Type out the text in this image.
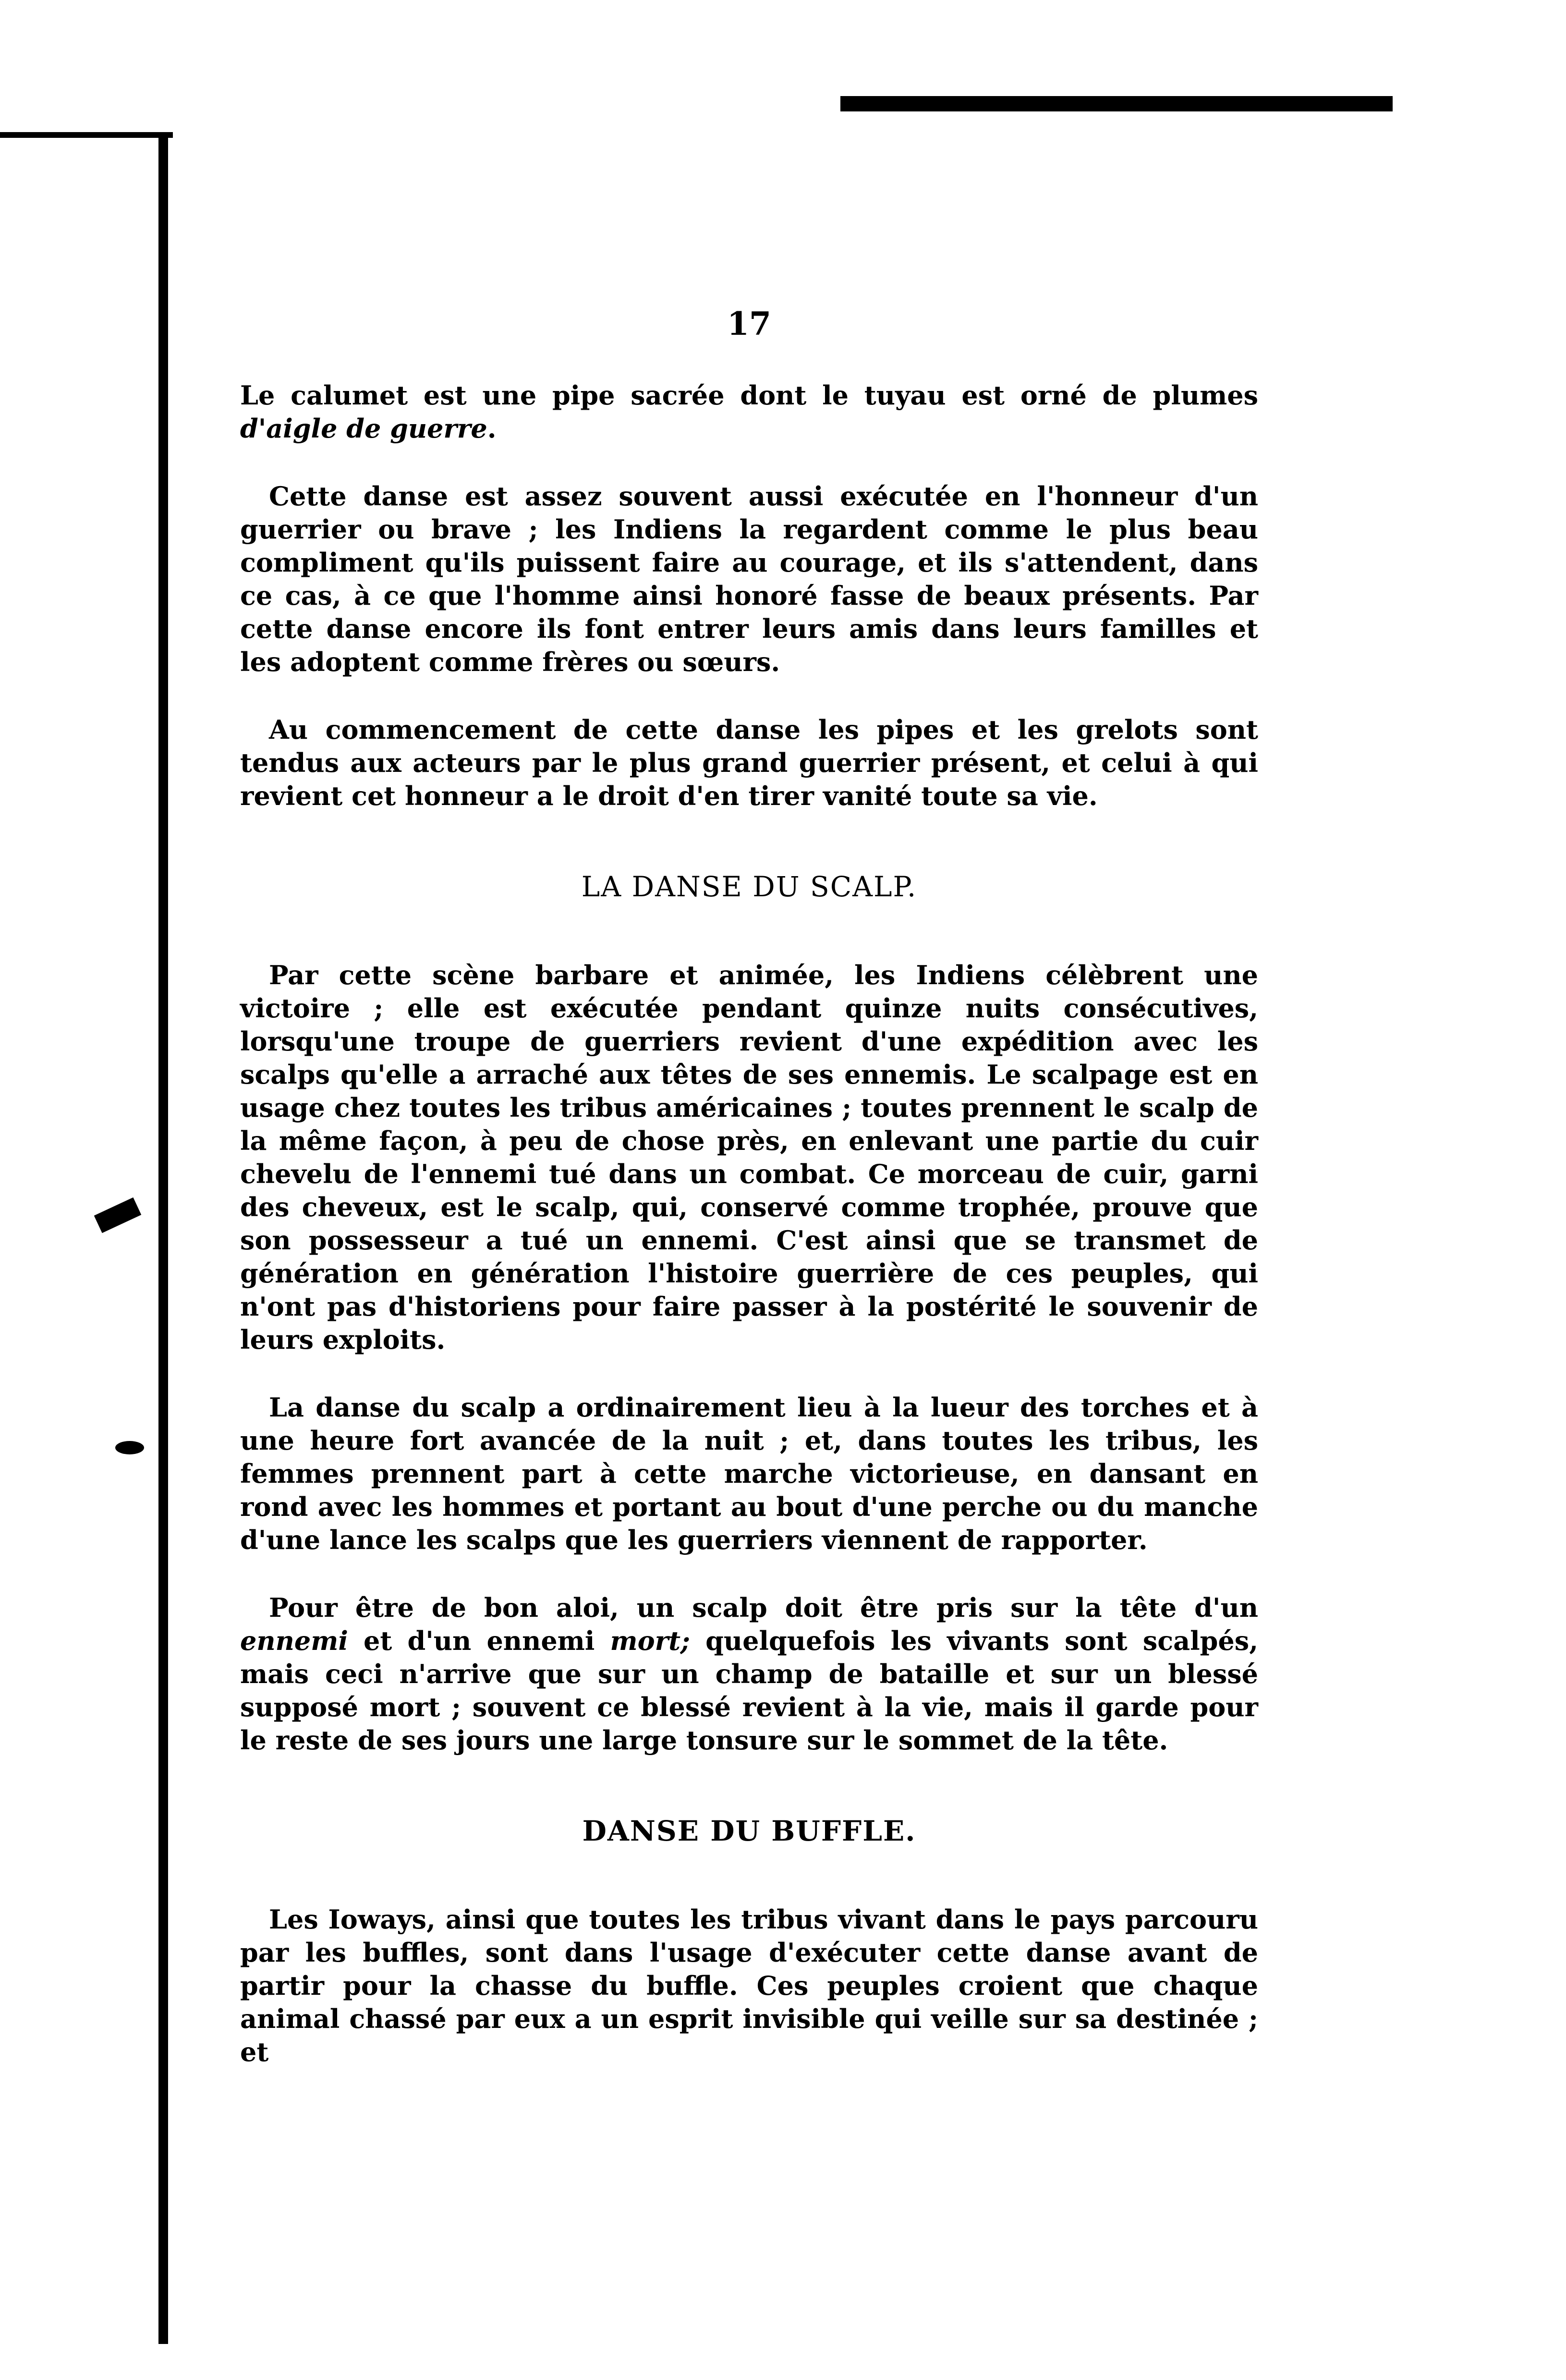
17

Le calumet est une pipe sacrée dont le tuyau est orné de plumes d'aigle de guerre.

Cette danse est assez souvent aussi exécutée en l'honneur d'un guerrier ou brave ; les Indiens la regardent comme le plus beau compliment qu'ils puissent faire au courage, et ils s'attendent, dans ce cas, à ce que l'homme ainsi honoré fasse de beaux présents. Par cette danse encore ils font entrer leurs amis dans leurs familles et les adoptent comme frères ou sœurs.

Au commencement de cette danse les pipes et les grelots sont tendus aux acteurs par le plus grand guerrier présent, et celui à qui revient cet honneur a le droit d'en tirer vanité toute sa vie.

LA DANSE DU SCALP.

Par cette scène barbare et animée, les Indiens célèbrent une victoire ; elle est exécutée pendant quinze nuits consécutives, lorsqu'une troupe de guerriers revient d'une expédition avec les scalps qu'elle a arraché aux têtes de ses ennemis. Le scalpage est en usage chez toutes les tribus américaines ; toutes prennent le scalp de la même façon, à peu de chose près, en enlevant une partie du cuir chevelu de l'ennemi tué dans un combat. Ce morceau de cuir, garni des cheveux, est le scalp, qui, conservé comme trophée, prouve que son possesseur a tué un ennemi. C'est ainsi que se transmet de génération en génération l'histoire guerrière de ces peuples, qui n'ont pas d'historiens pour faire passer à la postérité le souvenir de leurs exploits.

La danse du scalp a ordinairement lieu à la lueur des torches et à une heure fort avancée de la nuit ; et, dans toutes les tribus, les femmes prennent part à cette marche victorieuse, en dansant en rond avec les hommes et portant au bout d'une perche ou du manche d'une lance les scalps que les guerriers viennent de rapporter.

Pour être de bon aloi, un scalp doit être pris sur la tête d'un ennemi et d'un ennemi mort; quelquefois les vivants sont scalpés, mais ceci n'arrive que sur un champ de bataille et sur un blessé supposé mort ; souvent ce blessé revient à la vie, mais il garde pour le reste de ses jours une large tonsure sur le sommet de la tête.

DANSE DU BUFFLE.

Les Ioways, ainsi que toutes les tribus vivant dans le pays parcouru par les buffles, sont dans l'usage d'exécuter cette danse avant de partir pour la chasse du buffle. Ces peuples croient que chaque animal chassé par eux a un esprit invisible qui veille sur sa destinée ; et
